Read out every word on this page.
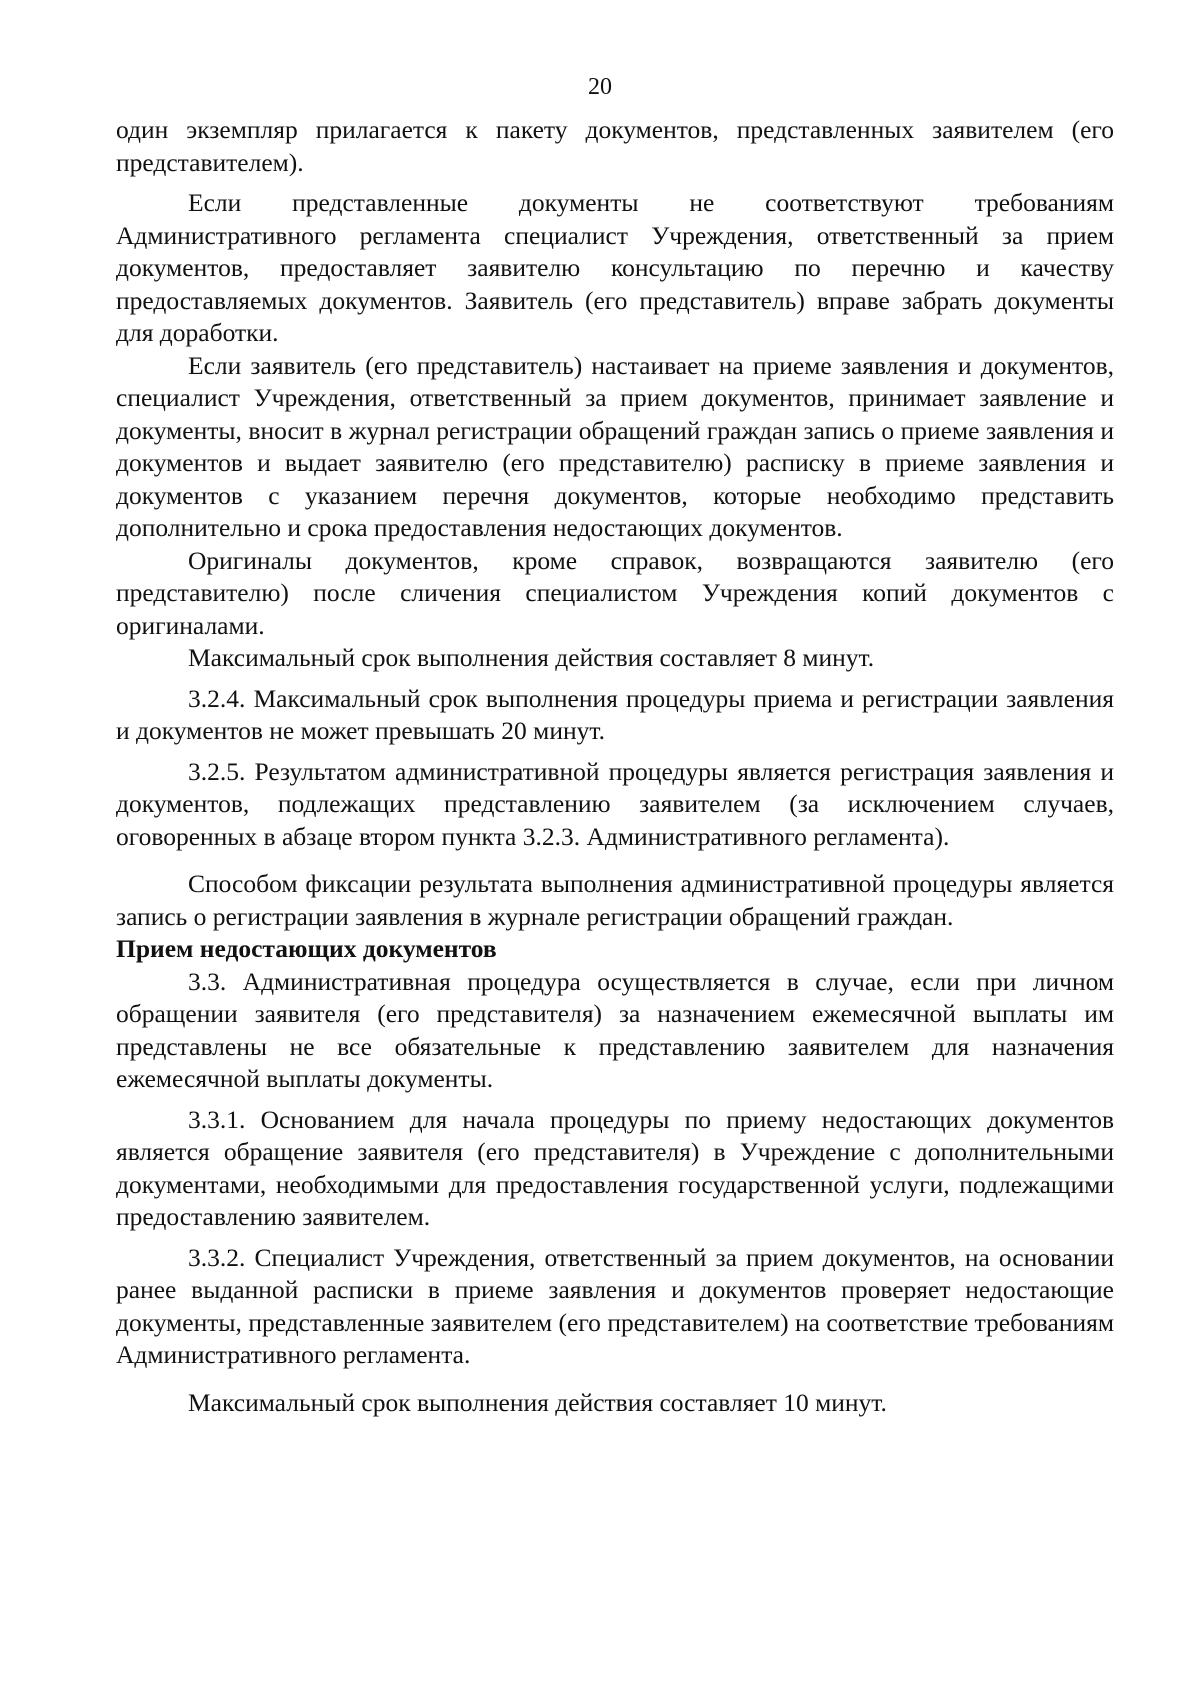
20

один экземпляр прилагается к пакету документов, представленных заявителем (его представителем).

Если представленные документы не соответствуют требованиям Административного регламента специалист Учреждения, ответственный за прием документов, предоставляет заявителю консультацию по перечню и качеству предоставляемых документов. Заявитель (его представитель) вправе забрать документы для доработки.

Если заявитель (его представитель) настаивает на приеме заявления и документов, специалист Учреждения, ответственный за прием документов, принимает заявление и документы, вносит в журнал регистрации обращений граждан запись о приеме заявления и документов и выдает заявителю (его представителю) расписку в приеме заявления и документов с указанием перечня документов, которые необходимо представить дополнительно и срока предоставления недостающих документов.

Оригиналы документов, кроме справок, возвращаются заявителю (его представителю) после сличения специалистом Учреждения копий документов с оригиналами.

Максимальный срок выполнения действия составляет 8 минут.

3.2.4. Максимальный срок выполнения процедуры приема и регистрации заявления и документов не может превышать 20 минут.

3.2.5. Результатом административной процедуры является регистрация заявления и документов, подлежащих представлению заявителем (за исключением случаев, оговоренных в абзаце втором пункта 3.2.3. Административного регламента).

Способом фиксации результата выполнения административной процедуры является запись о регистрации заявления в журнале регистрации обращений граждан.

Прием недостающих документов

3.3. Административная процедура осуществляется в случае, если при личном обращении заявителя (его представителя) за назначением ежемесячной выплаты им представлены не все обязательные к представлению заявителем для назначения ежемесячной выплаты документы.

3.3.1. Основанием для начала процедуры по приему недостающих документов является обращение заявителя (его представителя) в Учреждение с дополнительными документами, необходимыми для предоставления государственной услуги, подлежащими предоставлению заявителем.

3.3.2. Специалист Учреждения, ответственный за прием документов, на основании ранее выданной расписки в приеме заявления и документов проверяет недостающие документы, представленные заявителем (его представителем) на соответствие требованиям Административного регламента.

Максимальный срок выполнения действия составляет 10 минут.
